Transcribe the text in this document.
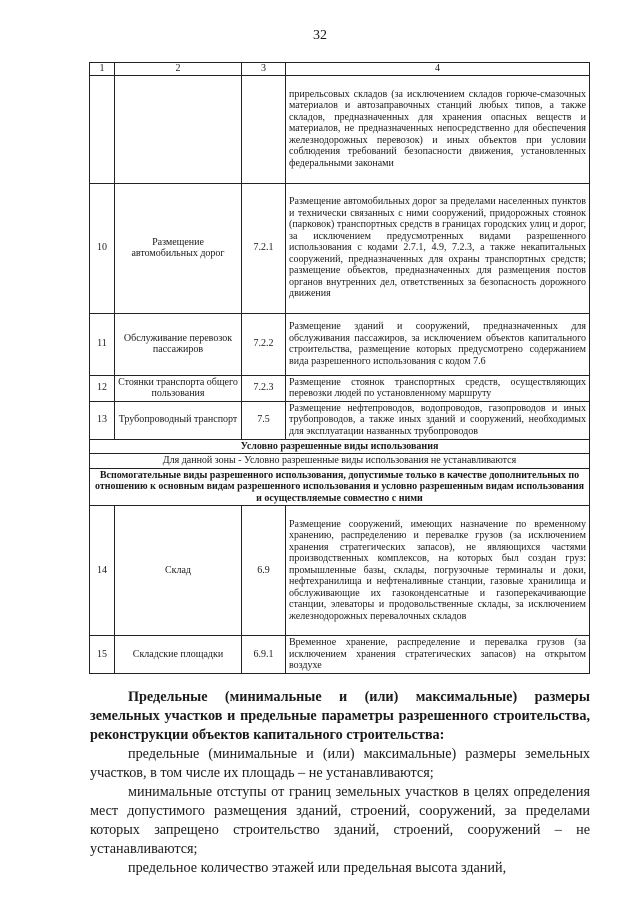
32
1	2	3	4
			прирельсовых складов (за исключением складов горюче-смазочных материалов и автозаправочных станций любых типов, а также складов, предназначенных для хранения опасных веществ и материалов, не предназначенных непосредственно для обеспечения железнодорожных перевозок) и иных объектов при условии соблюдения требований безопасности движения, установленных федеральными законами
10	Размещение автомобильных дорог	7.2.1	Размещение автомобильных дорог за пределами населенных пунктов и технически связанных с ними сооружений, придорожных стоянок (парковок) транспортных средств в границах городских улиц и дорог, за исключением предусмотренных видами разрешенного использования с кодами 2.7.1, 4.9, 7.2.3, а также некапитальных сооружений, предназначенных для охраны транспортных средств; размещение объектов, предназначенных для размещения постов органов внутренних дел, ответственных за безопасность дорожного движения
11	Обслуживание перевозок пассажиров	7.2.2	Размещение зданий и сооружений, предназначенных для обслуживания пассажиров, за исключением объектов капитального строительства, размещение которых предусмотрено содержанием вида разрешенного использования с кодом 7.6
12	Стоянки транспорта общего пользования	7.2.3	Размещение стоянок транспортных средств, осуществляющих перевозки людей по установленному маршруту
13	Трубопроводный транспорт	7.5	Размещение нефтепроводов, водопроводов, газопроводов и иных трубопроводов, а также иных зданий и сооружений, необходимых для эксплуатации названных трубопроводов
Условно разрешенные виды использования			
Для данной зоны - Условно разрешенные виды использования не устанавливаются			
Вспомогательные виды разрешенного использования, допустимые только в качестве дополнительных по отношению к основным видам разрешенного использования и условно разрешенным видам использования и осуществляемые совместно с ними			
14	Склад	6.9	Размещение сооружений, имеющих назначение по временному хранению, распределению и перевалке грузов (за исключением хранения стратегических запасов), не являющихся частями производственных комплексов, на которых был создан груз: промышленные базы, склады, погрузочные терминалы и доки, нефтехранилища и нефтеналивные станции, газовые хранилища и обслуживающие их газоконденсатные и газоперекачивающие станции, элеваторы и продовольственные склады, за исключением железнодорожных перевалочных складов
15	Складские площадки	6.9.1	Временное хранение, распределение и перевалка грузов (за исключением хранения стратегических запасов) на открытом воздухе

Предельные (минимальные и (или) максимальные) размеры земельных участков и предельные параметры разрешенного строительства, реконструкции объектов капитального строительства:

предельные (минимальные и (или) максимальные) размеры земельных участков, в том числе их площадь – не устанавливаются;

минимальные отступы от границ земельных участков в целях определения мест допустимого размещения зданий, строений, сооружений, за пределами которых запрещено строительство зданий, строений, сооружений – не устанавливаются;

предельное количество этажей или предельная высота зданий,
